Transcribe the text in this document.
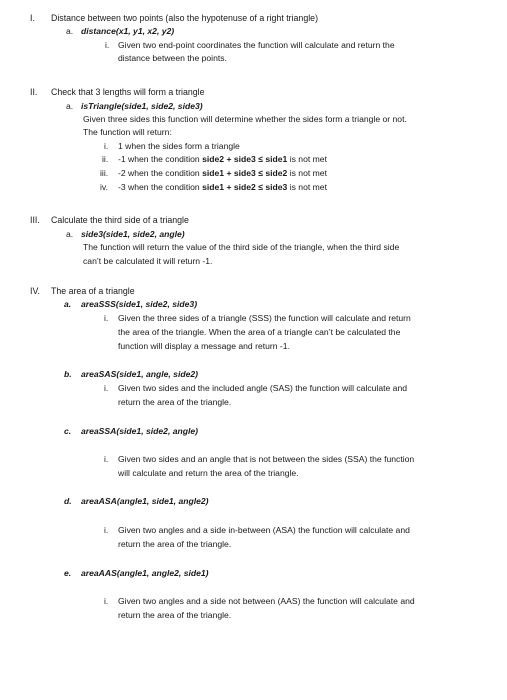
I. Distance between two points (also the hypotenuse of a right triangle)
a. distance(x1, y1, x2, y2)
i. Given two end-point coordinates the function will calculate and return the
distance between the points.
II. Check that 3 lengths will form a triangle
a. isTriangle(side1, side2, side3)
Given three sides this function will determine whether the sides form a triangle or not.
The function will return:
i. 1 when the sides form a triangle
ii. -1 when the condition side2 + side3 ≤ side1 is not met
iii. -2 when the condition side1 + side3 ≤ side2 is not met
iv. -3 when the condition side1 + side2 ≤ side3 is not met
III. Calculate the third side of a triangle
a. side3(side1, side2, angle)
The function will return the value of the third side of the triangle, when the third side
can’t be calculated it will return -1.
IV. The area of a triangle
a. areaSSS(side1, side2, side3)
i. Given the three sides of a triangle (SSS) the function will calculate and return
the area of the triangle. When the area of a triangle can’t be calculated the
function will display a message and return -1.
b. areaSAS(side1, angle, side2)
i. Given two sides and the included angle (SAS) the function will calculate and
return the area of the triangle.
c. areaSSA(side1, side2, angle)
i. Given two sides and an angle that is not between the sides (SSA) the function
will calculate and return the area of the triangle.
d. areaASA(angle1, side1, angle2)
i. Given two angles and a side in-between (ASA) the function will calculate and
return the area of the triangle.
e. areaAAS(angle1, angle2, side1)
i. Given two angles and a side not between (AAS) the function will calculate and
return the area of the triangle.
